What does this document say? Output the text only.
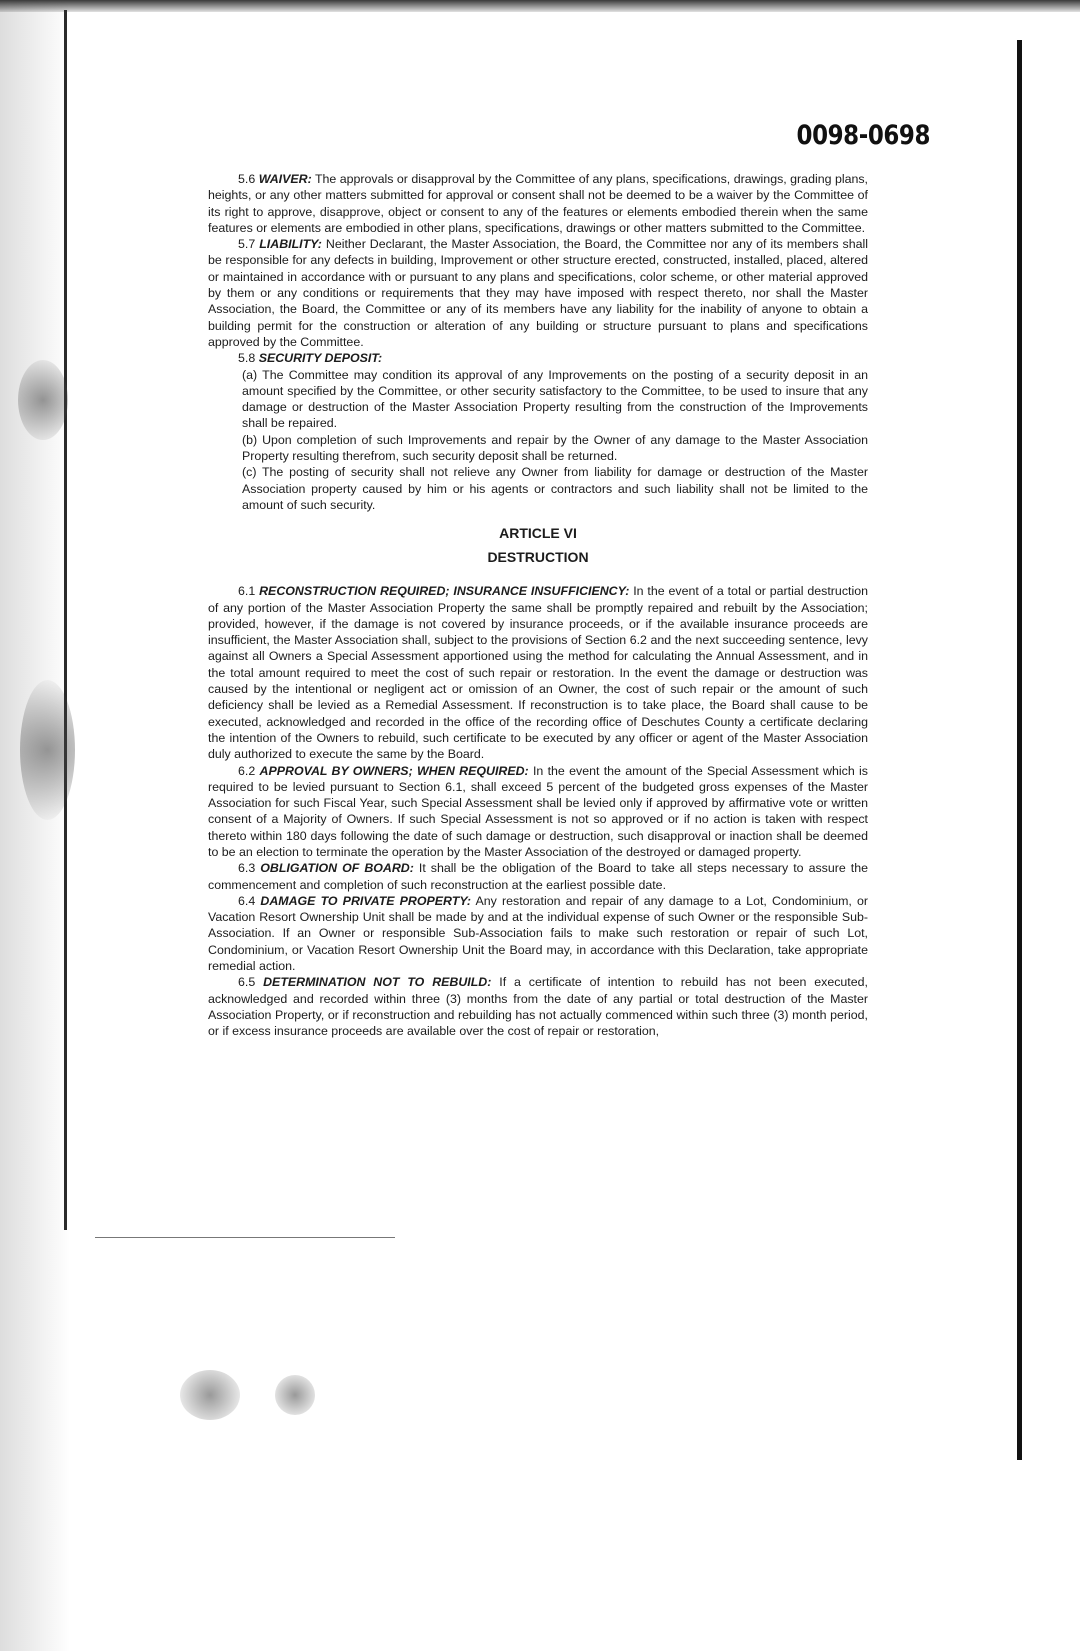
0098-0698

5.6 WAIVER: The approvals or disapproval by the Committee of any plans, specifications, drawings, grading plans, heights, or any other matters submitted for approval or consent shall not be deemed to be a waiver by the Committee of its right to approve, disapprove, object or consent to any of the features or elements embodied therein when the same features or elements are embodied in other plans, specifications, drawings or other matters submitted to the Committee.

5.7 LIABILITY: Neither Declarant, the Master Association, the Board, the Committee nor any of its members shall be responsible for any defects in building, Improvement or other structure erected, constructed, installed, placed, altered or maintained in accordance with or pursuant to any plans and specifications, color scheme, or other material approved by them or any conditions or requirements that they may have imposed with respect thereto, nor shall the Master Association, the Board, the Committee or any of its members have any liability for the inability of anyone to obtain a building permit for the construction or alteration of any building or structure pursuant to plans and specifications approved by the Committee.

5.8 SECURITY DEPOSIT:

(a) The Committee may condition its approval of any Improvements on the posting of a security deposit in an amount specified by the Committee, or other security satisfactory to the Committee, to be used to insure that any damage or destruction of the Master Association Property resulting from the construction of the Improvements shall be repaired.

(b) Upon completion of such Improvements and repair by the Owner of any damage to the Master Association Property resulting therefrom, such security deposit shall be returned.

(c) The posting of security shall not relieve any Owner from liability for damage or destruction of the Master Association property caused by him or his agents or contractors and such liability shall not be limited to the amount of such security.

ARTICLE VI
DESTRUCTION

6.1 RECONSTRUCTION REQUIRED; INSURANCE INSUFFICIENCY: In the event of a total or partial destruction of any portion of the Master Association Property the same shall be promptly repaired and rebuilt by the Association; provided, however, if the damage is not covered by insurance proceeds, or if the available insurance proceeds are insufficient, the Master Association shall, subject to the provisions of Section 6.2 and the next succeeding sentence, levy against all Owners a Special Assessment apportioned using the method for calculating the Annual Assessment, and in the total amount required to meet the cost of such repair or restoration. In the event the damage or destruction was caused by the intentional or negligent act or omission of an Owner, the cost of such repair or the amount of such deficiency shall be levied as a Remedial Assessment. If reconstruction is to take place, the Board shall cause to be executed, acknowledged and recorded in the office of the recording office of Deschutes County a certificate declaring the intention of the Owners to rebuild, such certificate to be executed by any officer or agent of the Master Association duly authorized to execute the same by the Board.

6.2 APPROVAL BY OWNERS; WHEN REQUIRED: In the event the amount of the Special Assessment which is required to be levied pursuant to Section 6.1, shall exceed 5 percent of the budgeted gross expenses of the Master Association for such Fiscal Year, such Special Assessment shall be levied only if approved by affirmative vote or written consent of a Majority of Owners. If such Special Assessment is not so approved or if no action is taken with respect thereto within 180 days following the date of such damage or destruction, such disapproval or inaction shall be deemed to be an election to terminate the operation by the Master Association of the destroyed or damaged property.

6.3 OBLIGATION OF BOARD: It shall be the obligation of the Board to take all steps necessary to assure the commencement and completion of such reconstruction at the earliest possible date.

6.4 DAMAGE TO PRIVATE PROPERTY: Any restoration and repair of any damage to a Lot, Condominium, or Vacation Resort Ownership Unit shall be made by and at the individual expense of such Owner or the responsible Sub-Association. If an Owner or responsible Sub-Association fails to make such restoration or repair of such Lot, Condominium, or Vacation Resort Ownership Unit the Board may, in accordance with this Declaration, take appropriate remedial action.

6.5 DETERMINATION NOT TO REBUILD: If a certificate of intention to rebuild has not been executed, acknowledged and recorded within three (3) months from the date of any partial or total destruction of the Master Association Property, or if reconstruction and rebuilding has not actually commenced within such three (3) month period, or if excess insurance proceeds are available over the cost of repair or restoration,
